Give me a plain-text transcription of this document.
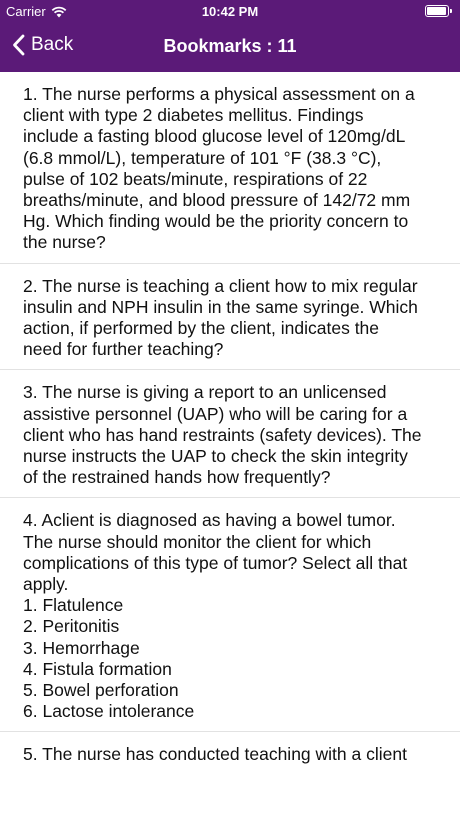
Carrier	10:42 PM
Back	Bookmarks : 11
1. The nurse performs a physical assessment on a
client with type 2 diabetes mellitus. Findings
include a fasting blood glucose level of 120mg/dL
(6.8 mmol/L), temperature of 101 °F (38.3 °C),
pulse of 102 beats/minute, respirations of 22
breaths/minute, and blood pressure of 142/72 mm
Hg. Which finding would be the priority concern to
the nurse?
2. The nurse is teaching a client how to mix regular
insulin and NPH insulin in the same syringe. Which
action, if performed by the client, indicates the
need for further teaching?
3. The nurse is giving a report to an unlicensed
assistive personnel (UAP) who will be caring for a
client who has hand restraints (safety devices). The
nurse instructs the UAP to check the skin integrity
of the restrained hands how frequently?
4. Aclient is diagnosed as having a bowel tumor.
The nurse should monitor the client for which
complications of this type of tumor? Select all that
apply.
1. Flatulence
2. Peritonitis
3. Hemorrhage
4. Fistula formation
5. Bowel perforation
6. Lactose intolerance
5. The nurse has conducted teaching with a client
